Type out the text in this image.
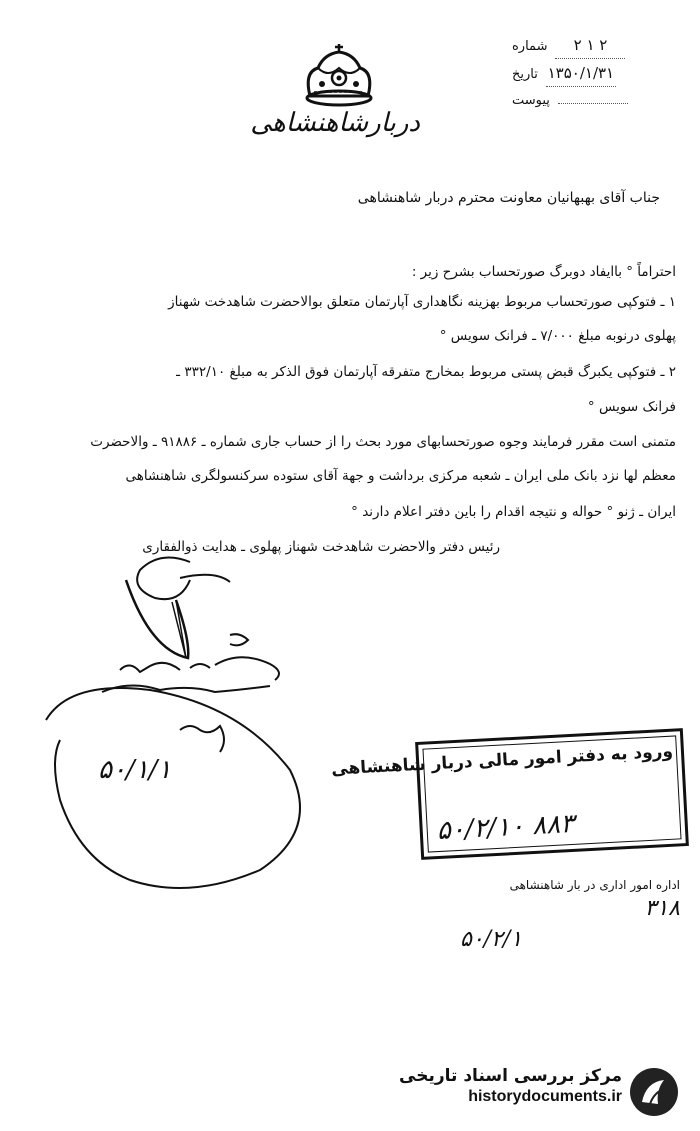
شماره	۲ ۱ ۲
تاریخ ۱۳۵۰/۱/۳۱
پیوست
دربارشاهنشاهی
جناب آقای بهبهانیان معاونت محترم دربار شاهنشاهی
احتراماً ° باایفاد دوبرگ صورتحساب بشرح زیر :
۱ ـ فتوکپی صورتحساب مربوط بهزینه نگاهداری آپارتمان متعلق بوالاحضرت شاهدخت شهناز
پهلوی درنوبه مبلغ ۷/۰۰۰ ـ فرانک سویس °
۲ ـ فتوکپی یکبرگ قبض پستی مربوط بمخارج متفرقه آپارتمان فوق الذکر به مبلغ ۳۳۲/۱۰ ـ
فرانک سویس °
متمنی است مقرر فرمایند وجوه صورتحسابهای مورد بحث را از حساب جاری شماره ـ ۹۱۸۸۶ ـ والاحضرت
معظم لها نزد بانک ملی ایران ـ شعبه مرکزی برداشت و جهة آقای ستوده سرکنسولگری شاهنشاهی
ایران ـ ژنو ° حواله و نتیجه اقدام را باین دفتر اعلام دارند °
رئیس دفتر والاحضرت شاهدخت شهناز پهلوی ـ هدایت ذوالفقاری
۵۰/۱/۱	ورود به دفتر امور مالی دربار شاهنشاهی
۵۰/۲/۱۰ ۸۸۳
اداره امور اداری در بار شاهنشاهی
۳۱۸
۵۰/۲/۱
مرکز بررسی اسناد تاریخی
historydocuments.ir
